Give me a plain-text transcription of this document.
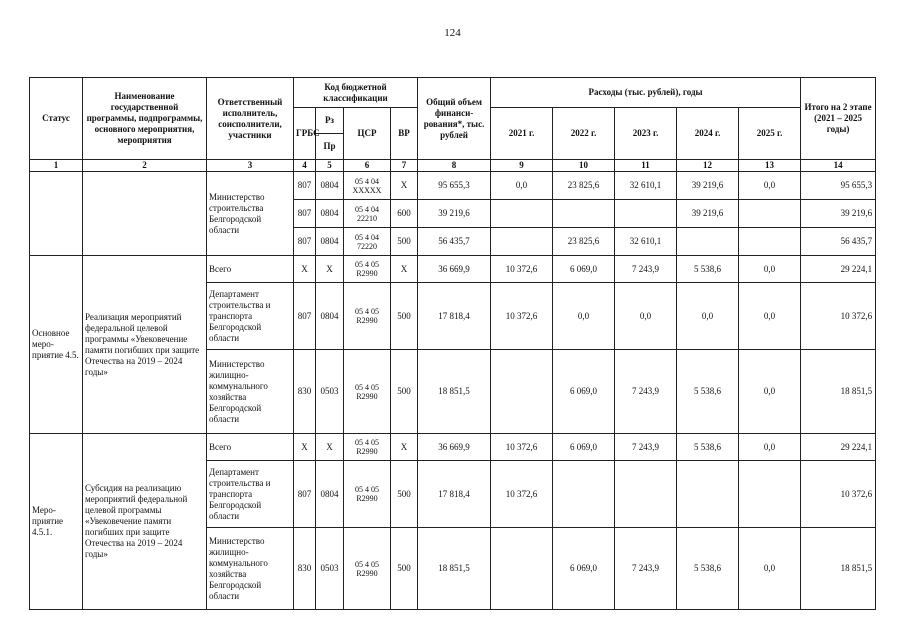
124
Статус	Наименование государственной программы, подпрограммы, основного мероприятия, мероприятия	Ответственный исполнитель, соисполнители, участники	Код бюджетной классификации				Общий объем финанси-рования*, тыс. рублей	Расходы (тыс. рублей), годы					Итого на 2 этапе (2021 – 2025 годы)
			ГРБС	Рз	ЦСР	ВР		2021 г.	2022 г.	2023 г.	2024 г.	2025 г.	
				Пр									
1	2	3	4	5	6	7	8	9	10	11	12	13	14
		Министерство строительства Белгородской области	807	0804	05 4 04 XXXXX	X	95 655,3	0,0	23 825,6	32 610,1	39 219,6	0,0	95 655,3
			807	0804	05 4 04 22210	600	39 219,6				39 219,6		39 219,6
			807	0804	05 4 04 72220	500	56 435,7		23 825,6	32 610,1			56 435,7
Основное меро-приятие 4.5.	Реализация мероприятий федеральной целевой программы «Увековечение памяти погибших при защите Отечества на 2019 – 2024 годы»	Всего	X	X	05 4 05 R2990	X	36 669,9	10 372,6	6 069,0	7 243,9	5 538,6	0,0	29 224,1
		Департамент строительства и транспорта Белгородской области	807	0804	05 4 05 R2990	500	17 818,4	10 372,6	0,0	0,0	0,0	0,0	10 372,6
		Министерство жилищно-коммунального хозяйства Белгородской области	830	0503	05 4 05 R2990	500	18 851,5		6 069,0	7 243,9	5 538,6	0,0	18 851,5
Меро-приятие 4.5.1.	Субсидия на реализацию мероприятий федеральной целевой программы «Увековечение памяти погибших при защите Отечества на 2019 – 2024 годы»	Всего	X	X	05 4 05 R2990	X	36 669,9	10 372,6	6 069,0	7 243,9	5 538,6	0,0	29 224,1
		Департамент строительства и транспорта Белгородской области	807	0804	05 4 05 R2990	500	17 818,4	10 372,6					10 372,6
		Министерство жилищно-коммунального хозяйства Белгородской области	830	0503	05 4 05 R2990	500	18 851,5		6 069,0	7 243,9	5 538,6	0,0	18 851,5
